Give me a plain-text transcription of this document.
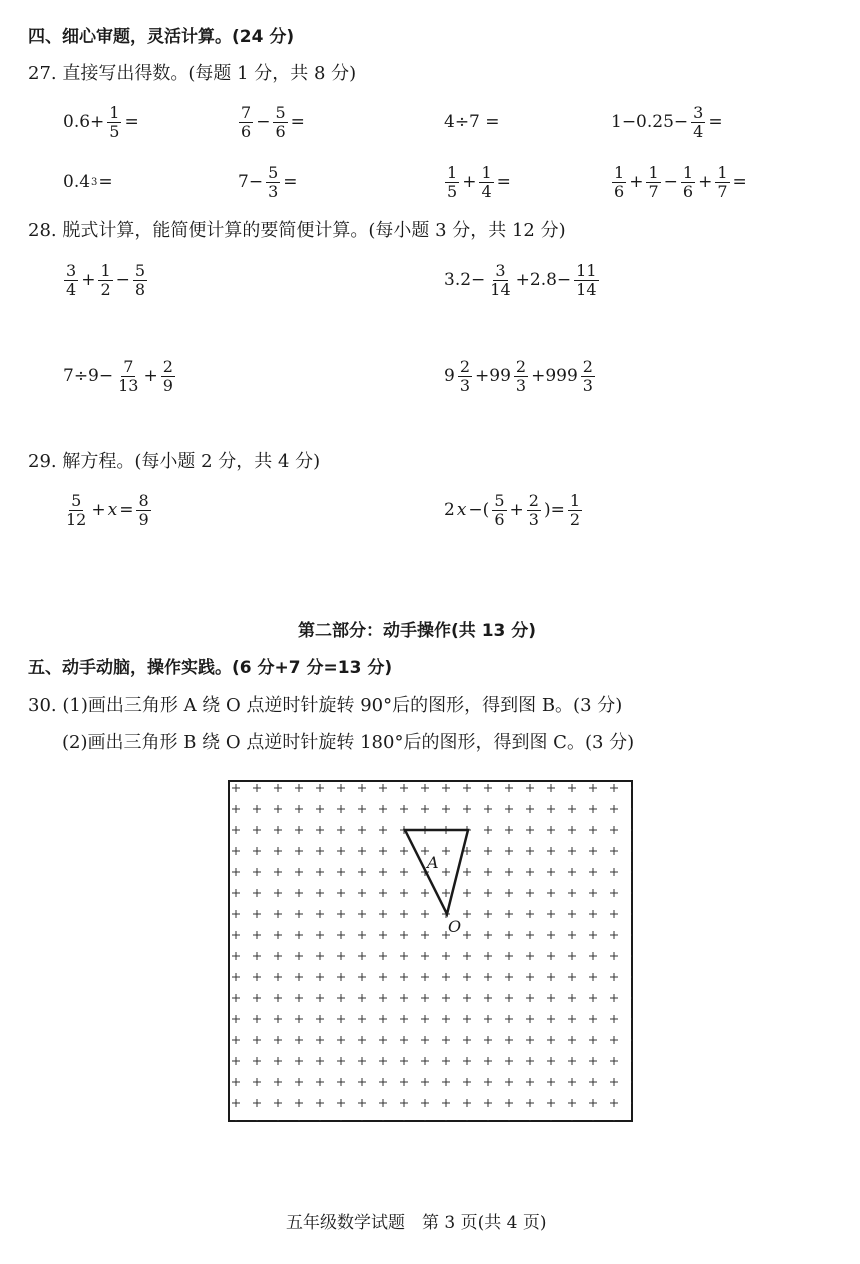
四、细心审题，灵活计算。(24 分)
27. 直接写出得数。(每题 1 分，共 8 分)
$0.6+ \frac{1}{5}$ =	$\frac{7}{6} - \frac{5}{6}$ =	4÷7 =	$1-0.25- \frac{3}{4}$ =
0.4 3 =	$7- \frac{5}{3}$ =	$\frac{1}{5} + \frac{1}{4}$ =	$\frac{1}{6} + \frac{1}{7} - \frac{1}{6} + \frac{1}{7}$ =
28. 脱式计算，能简便计算的要简便计算。(每小题 3 分，共 12 分)
$\frac{3}{4} + \frac{1}{2} - \frac{5}{8}$	$3.2- \frac{3}{14} +2.8- \frac{11}{14}$
$7\div 9- \frac{7}{13} + \frac{2}{9}$	$9 \frac{2}{3} +99 \frac{2}{3} +999 \frac{2}{3}$
29. 解方程。(每小题 2 分，共 4 分)
$\frac{5}{12} + x = \frac{8}{9}$	2 x −( $\frac{5}{6} + \frac{2}{3}$ )= $\frac{1}{2}$
第二部分：动手操作(共 13 分)
五、动手动脑，操作实践。(6 分+7 分=13 分)
30. (1)画出三角形 A 绕 O 点逆时针旋转 90°后的图形，得到图 B。(3 分)
(2)画出三角形 B 绕 O 点逆时针旋转 180°后的图形，得到图 C。(3 分)
A
O
五年级数学试题　第 3 页(共 4 页)
